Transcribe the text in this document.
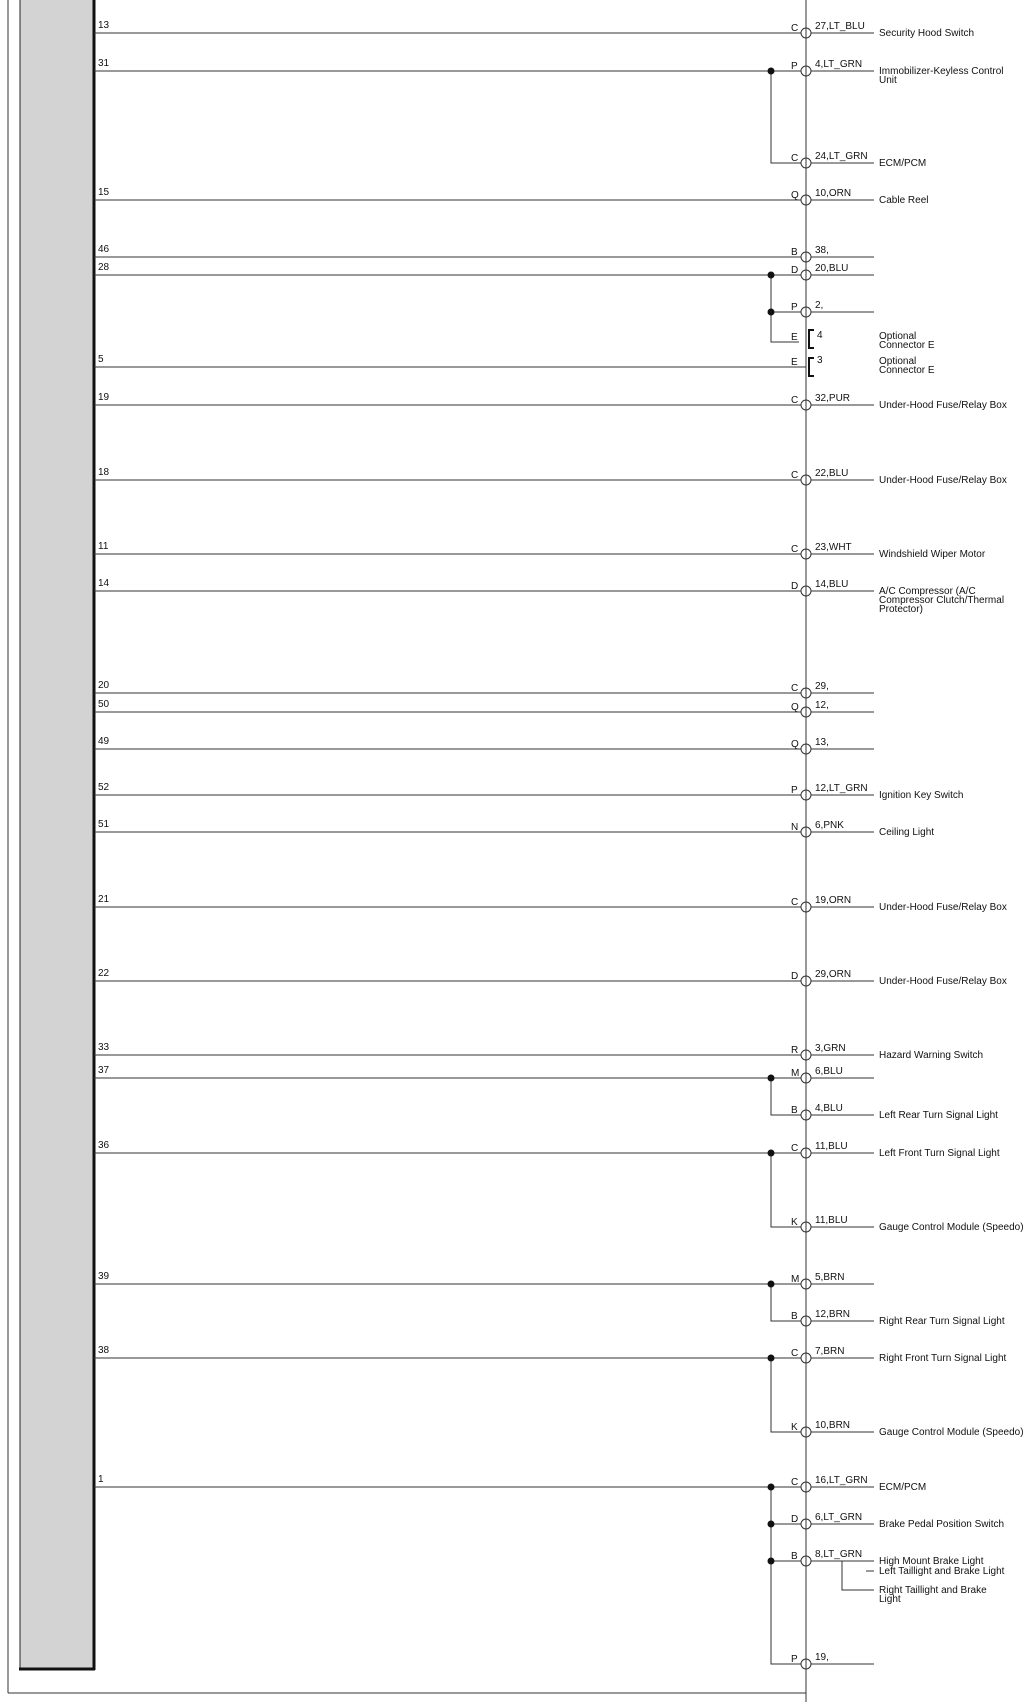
13
31
15
46
28
5
19
18
11
14
20
50
49
52
51
21
22
33
37
36
39
38
1
C
P
C
Q
B
D
P
E
E
C
C
C
D
C
Q
Q
P
N
C
D
R
M
B
C
K
M
B
C
K
C
D
B
P
27,LT_BLU
4,LT_GRN
24,LT_GRN
10,ORN
38,
20,BLU
2,
4
3
32,PUR
22,BLU
23,WHT
14,BLU
29,
12,
13,
12,LT_GRN
6,PNK
19,ORN
29,ORN
3,GRN
6,BLU
4,BLU
11,BLU
11,BLU
5,BRN
12,BRN
7,BRN
10,BRN
16,LT_GRN
6,LT_GRN
8,LT_GRN
19,
Security Hood Switch
Immobilizer-Keyless Control
Unit
ECM/PCM
Cable Reel
Optional
Connector E
Optional
Connector E
Under-Hood Fuse/Relay Box
Under-Hood Fuse/Relay Box
Windshield Wiper Motor
A/C Compressor (A/C
Compressor Clutch/Thermal
Protector)
Ignition Key Switch
Ceiling Light
Under-Hood Fuse/Relay Box
Under-Hood Fuse/Relay Box
Hazard Warning Switch
Left Rear Turn Signal Light
Left Front Turn Signal Light
Gauge Control Module (Speedo)
Right Rear Turn Signal Light
Right Front Turn Signal Light
Gauge Control Module (Speedo)
ECM/PCM
Brake Pedal Position Switch
High Mount Brake Light
Left Taillight and Brake Light
Right Taillight and Brake
Light
